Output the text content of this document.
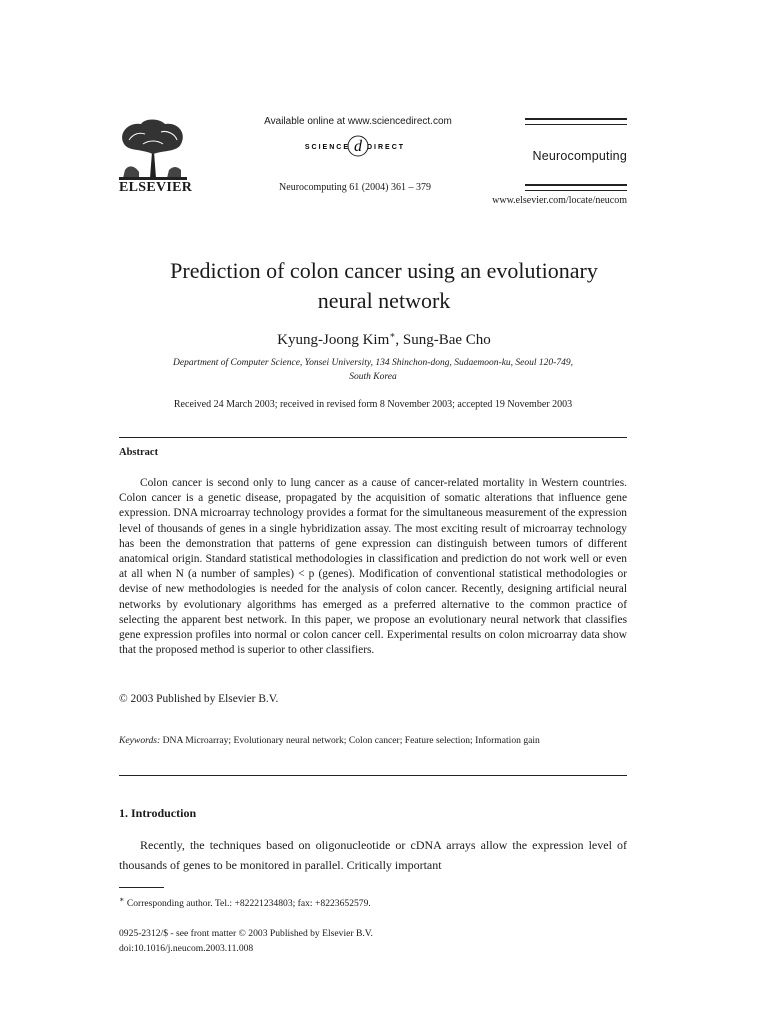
ELSEVIER
Available online at www.sciencedirect.com
SCIENCE d DIRECT
Neurocomputing 61 (2004) 361 – 379
Neurocomputing
www.elsevier.com/locate/neucom
Prediction of colon cancer using an evolutionary
neural network
Kyung-Joong Kim∗, Sung-Bae Cho
Department of Computer Science, Yonsei University, 134 Shinchon-dong, Sudaemoon-ku, Seoul 120-749,
South Korea
Received 24 March 2003; received in revised form 8 November 2003; accepted 19 November 2003
Abstract

Colon cancer is second only to lung cancer as a cause of cancer-related mortality in Western countries. Colon cancer is a genetic disease, propagated by the acquisition of somatic alterations that influence gene expression. DNA microarray technology provides a format for the simultaneous measurement of the expression level of thousands of genes in a single hybridization assay. The most exciting result of microarray technology has been the demonstration that patterns of gene expression can distinguish between tumors of different anatomical origin. Standard statistical methodologies in classification and prediction do not work well or even at all when N (a number of samples) < p (genes). Modification of conventional statistical methodologies or devise of new methodologies is needed for the analysis of colon cancer. Recently, designing artificial neural networks by evolutionary algorithms has emerged as a preferred alternative to the common practice of selecting the apparent best network. In this paper, we propose an evolutionary neural network that classifies gene expression profiles into normal or colon cancer cell. Experimental results on colon microarray data show that the proposed method is superior to other classifiers.

© 2003 Published by Elsevier B.V.
Keywords: DNA Microarray; Evolutionary neural network; Colon cancer; Feature selection; Information gain
1. Introduction

Recently, the techniques based on oligonucleotide or cDNA arrays allow the expression level of thousands of genes to be monitored in parallel. Critically important

∗ Corresponding author. Tel.: +82221234803; fax: +8223652579.
0925-2312/$ - see front matter © 2003 Published by Elsevier B.V.
doi:10.1016/j.neucom.2003.11.008
